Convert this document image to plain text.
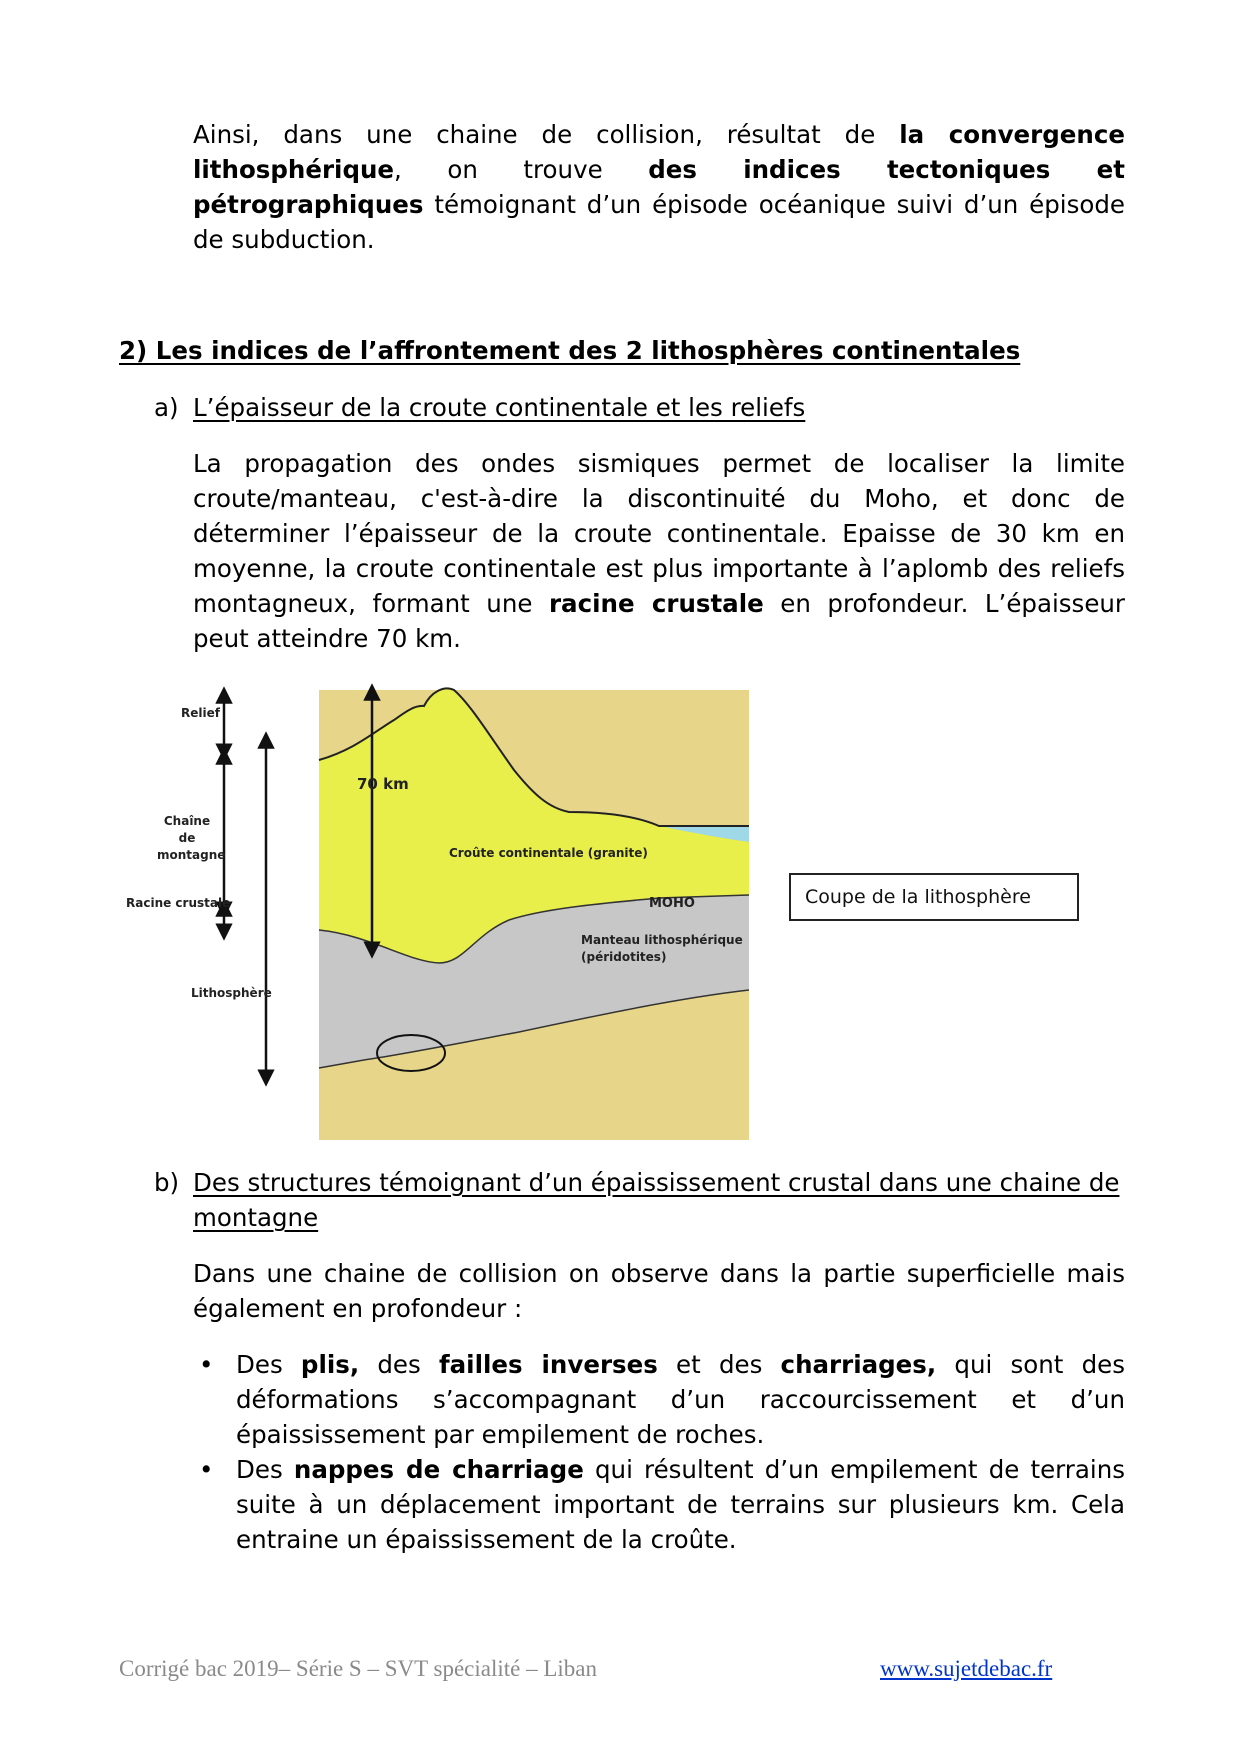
Ainsi, dans une chaine de collision, résultat de la convergence lithosphérique, on trouve des indices tectoniques et pétrographiques témoignant d’un épisode océanique suivi d’un épisode de subduction.
2) Les indices de l’affrontement des 2 lithosphères continentales
a) L’épaisseur de la croute continentale et les reliefs
La propagation des ondes sismiques permet de localiser la limite croute/manteau, c'est-à-dire la discontinuité du Moho, et donc de déterminer l’épaisseur de la croute continentale. Epaisse de 30 km en moyenne, la croute continentale est plus importante à l’aplomb des reliefs montagneux, formant une racine crustale en profondeur. L’épaisseur peut atteindre 70 km.
Relief
Chaîne de
montagne
Racine crustale
Lithosphère
70 km
Croûte continentale (granite)
MOHO
Manteau lithosphérique
(péridotites)
Coupe de la lithosphère
b) Des structures témoignant d’un épaississement crustal dans une chaine de montagne
Dans une chaine de collision on observe dans la partie superficielle mais également en profondeur :
• Des plis, des failles inverses et des charriages, qui sont des déformations s’accompagnant d’un raccourcissement et d’un épaississement par empilement de roches.
• Des nappes de charriage qui résultent d’un empilement de terrains suite à un déplacement important de terrains sur plusieurs km. Cela entraine un épaississement de la croûte.
Corrigé bac 2019– Série S – SVT spécialité – Liban	www.sujetdebac.fr
